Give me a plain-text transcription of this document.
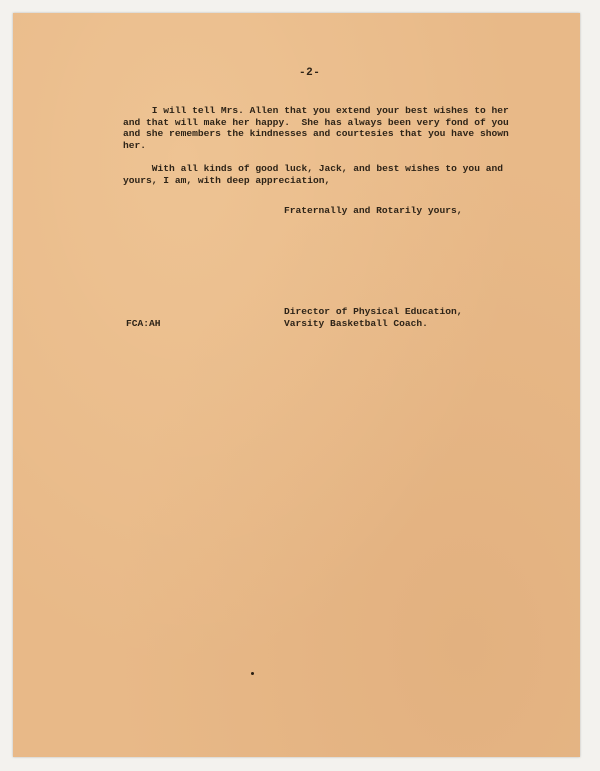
-2-
I will tell Mrs. Allen that you extend your best wishes to her
and that will make her happy.  She has always been very fond of you
and she remembers the kindnesses and courtesies that you have shown
her.
With all kinds of good luck, Jack, and best wishes to you and
yours, I am, with deep appreciation,
Fraternally and Rotarily yours,
Director of Physical Education,
Varsity Basketball Coach.
FCA:AH
